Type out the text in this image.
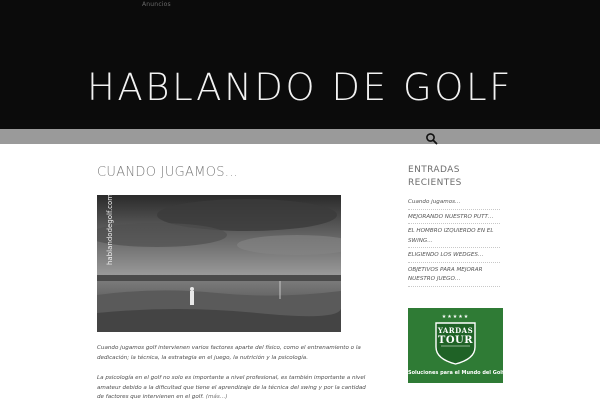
Anuncios
HABLANDO DE GOLF
CUANDO JUGAMOS...
hablandodegolf.com

Cuando jugamos golf intervienen varios factores aparte del físico, como el entrenamiento o la dedicación; la técnica, la estrategia en el juego, la nutrición y la psicología.

La psicología en el golf no solo es importante a nivel profesional, es también importante a nivel amateur debido a la dificultad que tiene el aprendizaje de la técnica del swing y por la cantidad de factores que intervienen en el golf. (más…)

ENTRADAS RECIENTES
Cuando jugamos…
MEJORANDO NUESTRO PUTT…
EL HOMBRO IZQUIERDO EN EL SWING…
ELIGIENDO LOS WEDGES…
OBJETIVOS PARA MEJORAR NUESTRO JUEGO…
★★★★★
YARDAS
TOUR
Soluciones para el Mundo del Golf
